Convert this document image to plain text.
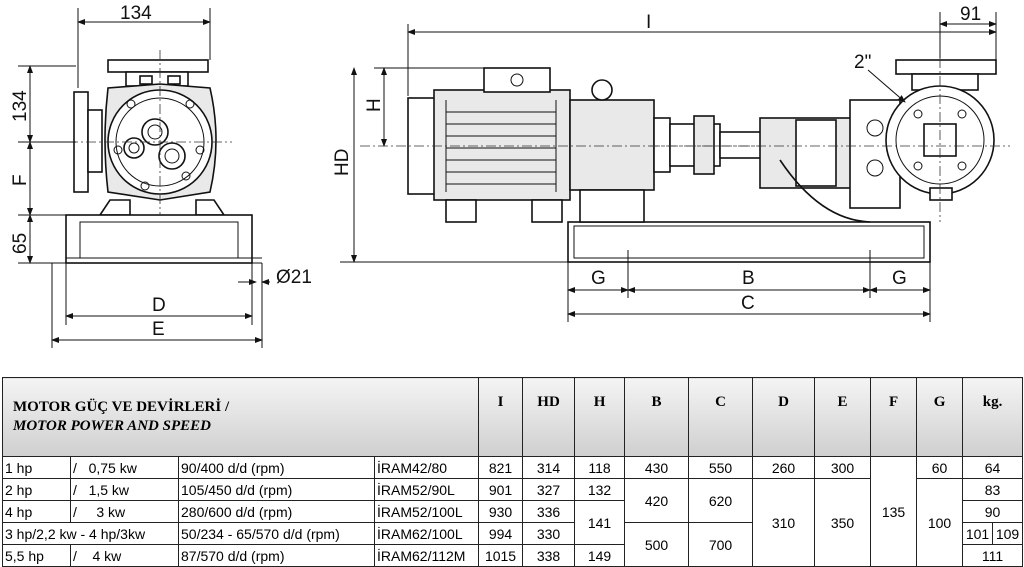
134
134
F
65
D
E
Ø21
2"
I	91
H
HD
G	B	G
C
MOTOR GÜÇ VE DEVİRLERİ /
MOTOR POWER AND SPEED				I	HD	H	B	C	D	E	F	G	kg.	
1 hp	/   0,75 kw	90/400 d/d (rpm)	İRAM42/80	821	314	118	430	550	260	300	135	60	64	
2 hp	/   1,5 kw	105/450 d/d (rpm)	İRAM52/90L	901	327	132	420	620	310	350		100	83	
4 hp	/     3 kw	280/600 d/d (rpm)	İRAM52/100L	930	336	141							90	
3 hp/2,2 kw - 4 hp/3kw		50/234 - 65/570 d/d (rpm)	İRAM62/100L	994	330		500	700					101	109
5,5 hp	/    4 kw	87/570 d/d (rpm)	İRAM62/112M	1015	338	149							111	
